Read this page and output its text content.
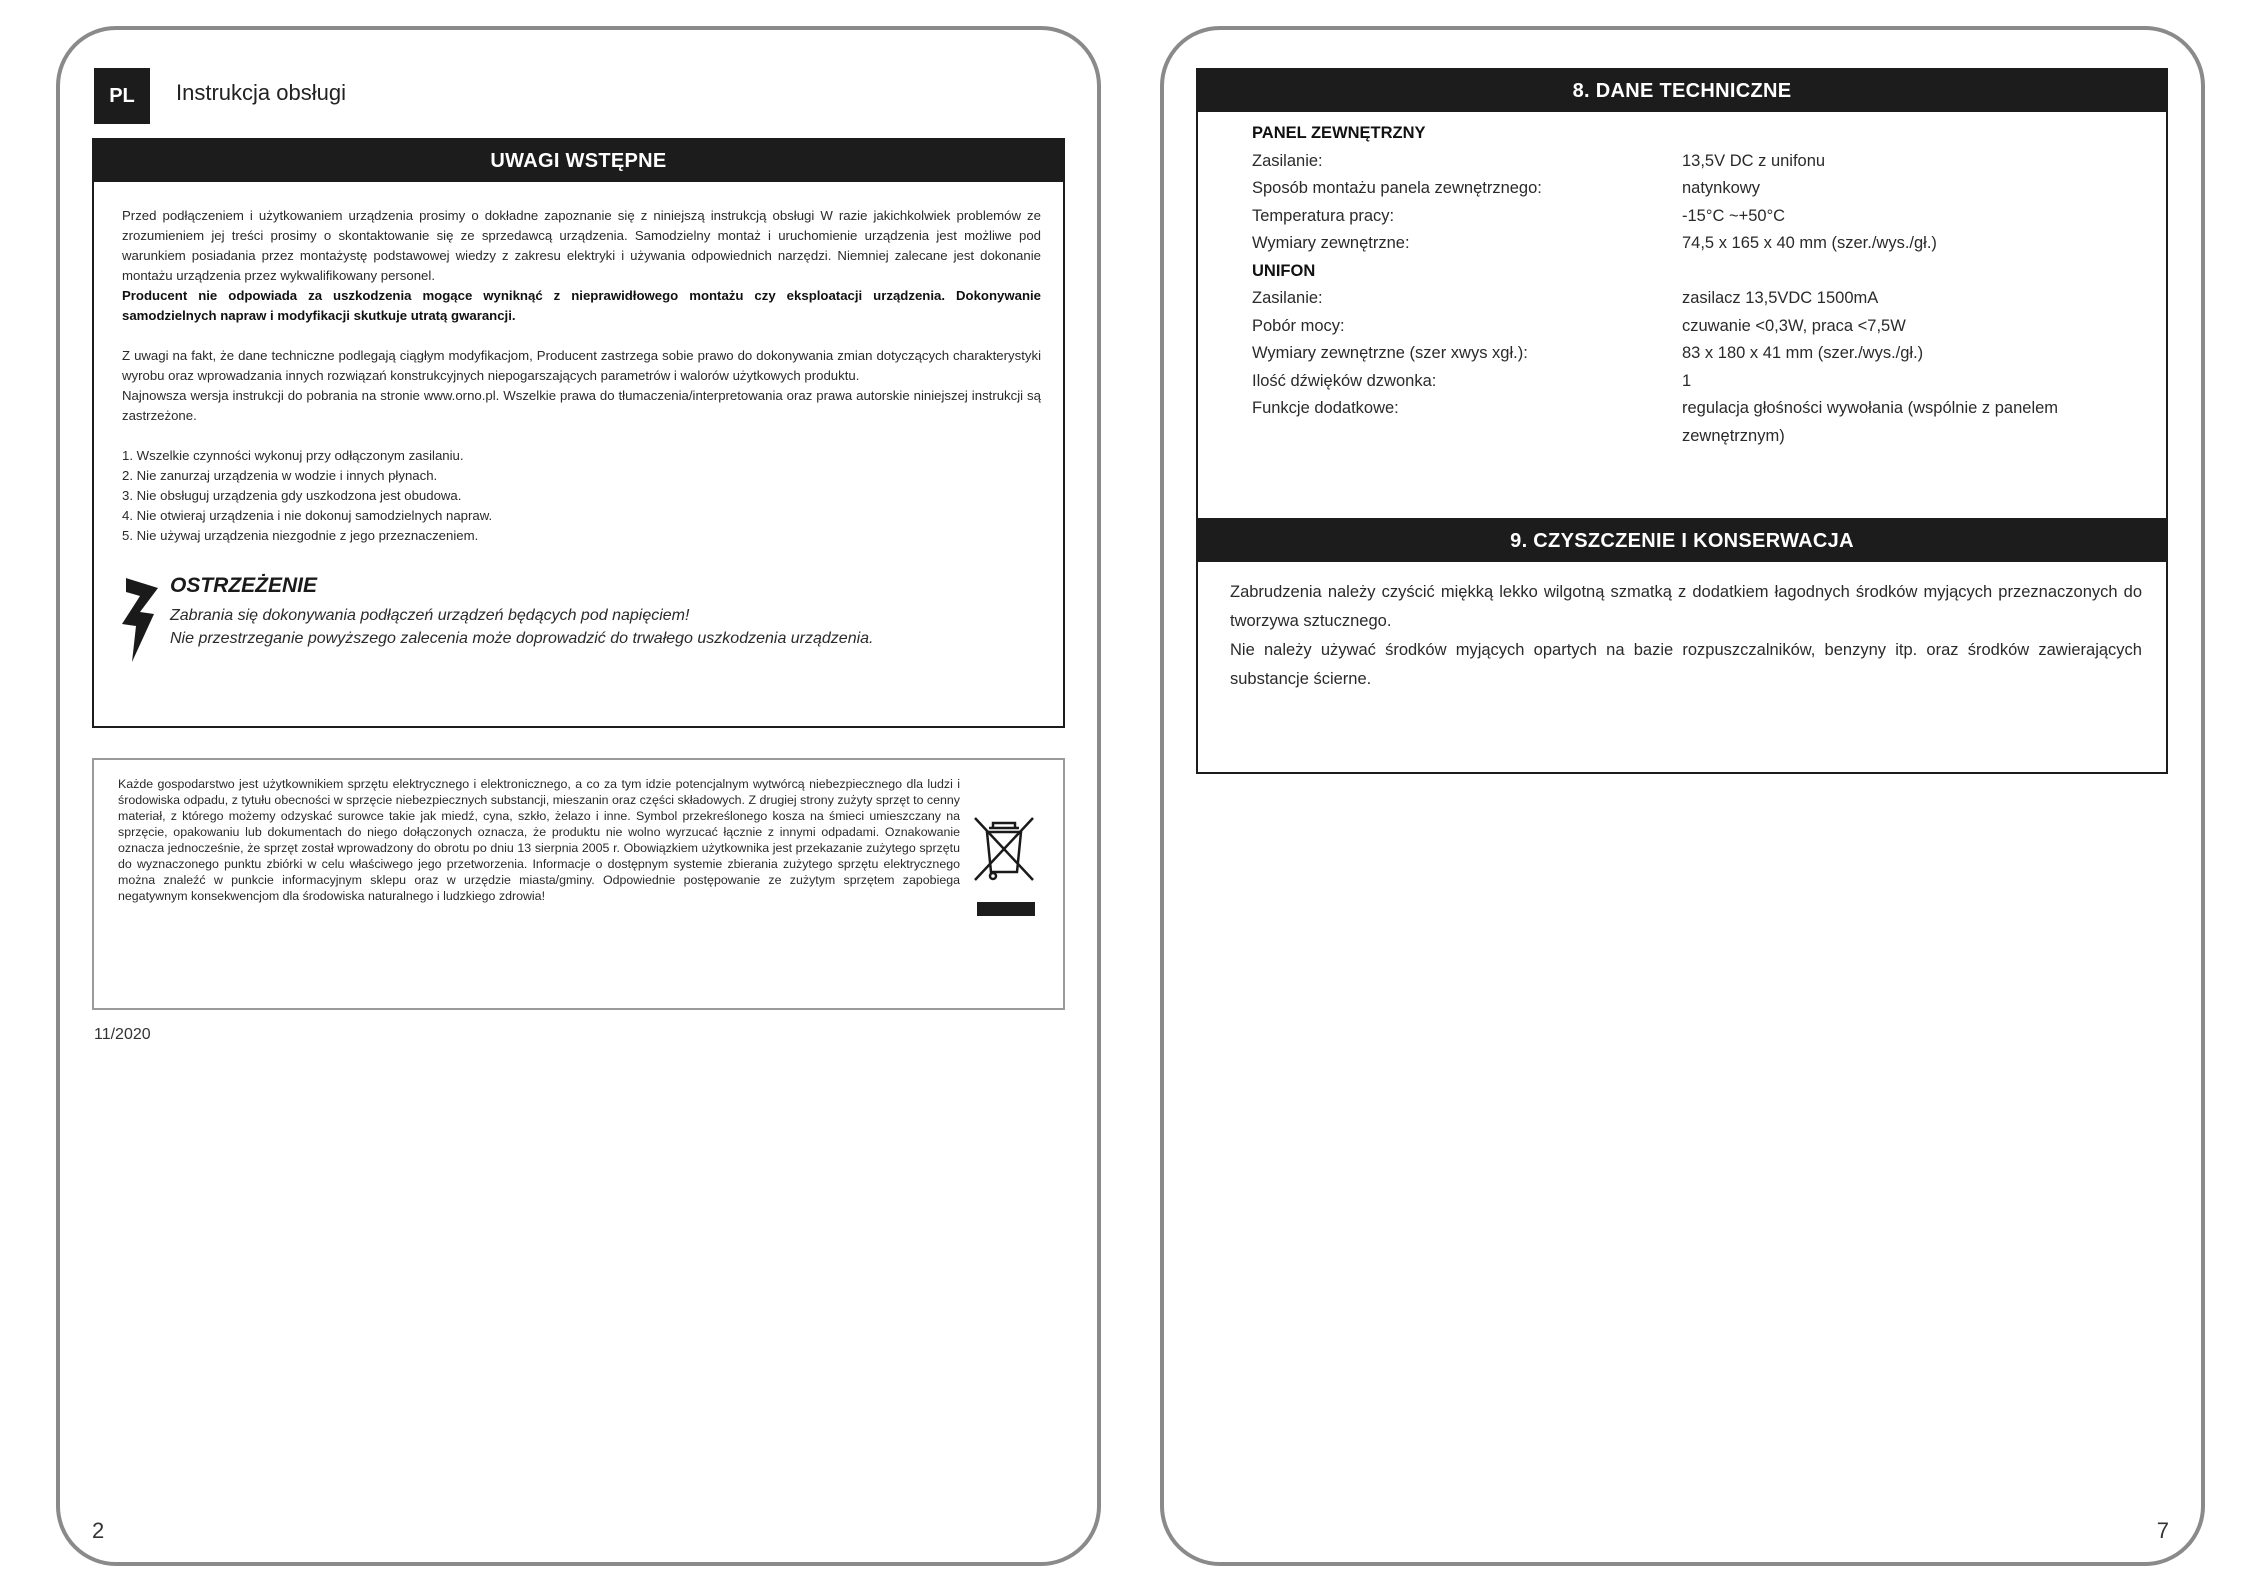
PL	Instrukcja obsługi
UWAGI WSTĘPNE

Przed podłączeniem i użytkowaniem urządzenia prosimy o dokładne zapoznanie się z niniejszą instrukcją obsługi W razie jakichkolwiek problemów ze zrozumieniem jej treści prosimy o skontaktowanie się ze sprzedawcą urządzenia. Samodzielny montaż i uruchomienie urządzenia jest możliwe pod warunkiem posiadania przez montażystę podstawowej wiedzy z zakresu elektryki i używania odpowiednich narzędzi. Niemniej zalecane jest dokonanie montażu urządzenia przez wykwalifikowany personel.

Producent nie odpowiada za uszkodzenia mogące wyniknąć z nieprawidłowego montażu czy eksploatacji urządzenia. Dokonywanie samodzielnych napraw i modyfikacji skutkuje utratą gwarancji.

Z uwagi na fakt, że dane techniczne podlegają ciągłym modyfikacjom, Producent zastrzega sobie prawo do dokonywania zmian dotyczących charakterystyki wyrobu oraz wprowadzania innych rozwiązań konstrukcyjnych niepogarszających parametrów i walorów użytkowych produktu.

Najnowsza wersja instrukcji do pobrania na stronie www.orno.pl. Wszelkie prawa do tłumaczenia/interpretowania oraz prawa autorskie niniejszej instrukcji są zastrzeżone.

1. Wszelkie czynności wykonuj przy odłączonym zasilaniu.

2. Nie zanurzaj urządzenia w wodzie i innych płynach.

3. Nie obsługuj urządzenia gdy uszkodzona jest obudowa.

4. Nie otwieraj urządzenia i nie dokonuj samodzielnych napraw.

5. Nie używaj urządzenia niezgodnie z jego przeznaczeniem.

OSTRZEŻENIE
Zabrania się dokonywania podłączeń urządzeń będących pod napięciem!
Nie przestrzeganie powyższego zalecenia może doprowadzić do trwałego uszkodzenia urządzenia.
Każde gospodarstwo jest użytkownikiem sprzętu elektrycznego i elektronicznego, a co za tym idzie potencjalnym wytwórcą niebezpiecznego dla ludzi i środowiska odpadu, z tytułu obecności w sprzęcie niebezpiecznych substancji, mieszanin oraz części składowych. Z drugiej strony zużyty sprzęt to cenny materiał, z którego możemy odzyskać surowce takie jak miedź, cyna, szkło, żelazo i inne. Symbol przekreślonego kosza na śmieci umieszczany na sprzęcie, opakowaniu lub dokumentach do niego dołączonych oznacza, że produktu nie wolno wyrzucać łącznie z innymi odpadami. Oznakowanie oznacza jednocześnie, że sprzęt został wprowadzony do obrotu po dniu 13 sierpnia 2005 r. Obowiązkiem użytkownika jest przekazanie zużytego sprzętu do wyznaczonego punktu zbiórki w celu właściwego jego przetworzenia. Informacje o dostępnym systemie zbierania zużytego sprzętu elektrycznego można znaleźć w punkcie informacyjnym sklepu oraz w urzędzie miasta/gminy. Odpowiednie postępowanie ze zużytym sprzętem zapobiega negatywnym konsekwencjom dla środowiska naturalnego i ludzkiego zdrowia!
11/2020
2
8. DANE TECHNICZNE
PANEL ZEWNĘTRZNY
Zasilanie:	13,5V DC z unifonu
Sposób montażu panela zewnętrznego:	natynkowy
Temperatura pracy:	-15°C ~+50°C
Wymiary zewnętrzne:	74,5 x 165 x 40 mm (szer./wys./gł.)
UNIFON
Zasilanie:	zasilacz 13,5VDC 1500mA
Pobór mocy:	czuwanie <0,3W, praca <7,5W
Wymiary zewnętrzne (szer xwys xgł.):	83 x 180 x 41 mm (szer./wys./gł.)
Ilość dźwięków dzwonka:	1
Funkcje dodatkowe:	regulacja głośności wywołania (wspólnie z panelem zewnętrznym)
9. CZYSZCZENIE I KONSERWACJA

Zabrudzenia należy czyścić miękką lekko wilgotną szmatką z dodatkiem łagodnych środków myjących przeznaczonych do tworzywa sztucznego.

Nie należy używać środków myjących opartych na bazie rozpuszczalników, benzyny itp. oraz środków zawierających substancje ścierne.

7
